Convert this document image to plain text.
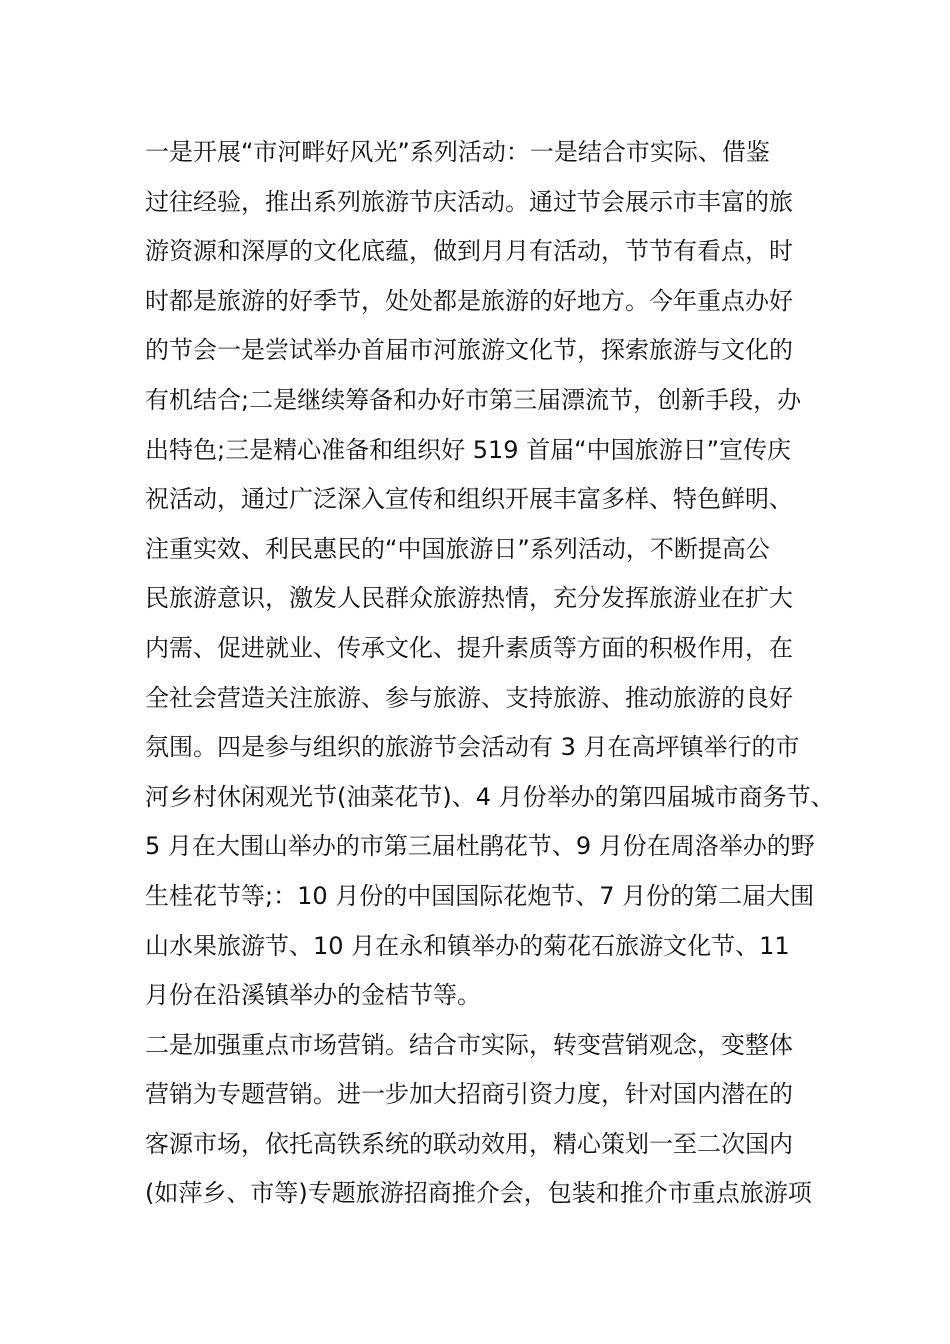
一是开展“市河畔好风光”系列活动：一是结合市实际、借鉴
过往经验，推出系列旅游节庆活动。通过节会展示市丰富的旅
游资源和深厚的文化底蕴，做到月月有活动，节节有看点，时
时都是旅游的好季节，处处都是旅游的好地方。今年重点办好
的节会一是尝试举办首届市河旅游文化节，探索旅游与文化的
有机结合;二是继续筹备和办好市第三届漂流节，创新手段，办
出特色;三是精心准备和组织好 519 首届“中国旅游日”宣传庆
祝活动，通过广泛深入宣传和组织开展丰富多样、特色鲜明、
注重实效、利民惠民的“中国旅游日”系列活动，不断提高公
民旅游意识，激发人民群众旅游热情，充分发挥旅游业在扩大
内需、促进就业、传承文化、提升素质等方面的积极作用，在
全社会营造关注旅游、参与旅游、支持旅游、推动旅游的良好
氛围。四是参与组织的旅游节会活动有 3 月在高坪镇举行的市
河乡村休闲观光节(油菜花节)、4 月份举办的第四届城市商务节、
5 月在大围山举办的市第三届杜鹃花节、9 月份在周洛举办的野
生桂花节等;：10 月份的中国国际花炮节、7 月份的第二届大围
山水果旅游节、10 月在永和镇举办的菊花石旅游文化节、11
月份在沿溪镇举办的金桔节等。
二是加强重点市场营销。结合市实际，转变营销观念，变整体
营销为专题营销。进一步加大招商引资力度，针对国内潜在的
客源市场，依托高铁系统的联动效用，精心策划一至二次国内
(如萍乡、市等)专题旅游招商推介会，包装和推介市重点旅游项
